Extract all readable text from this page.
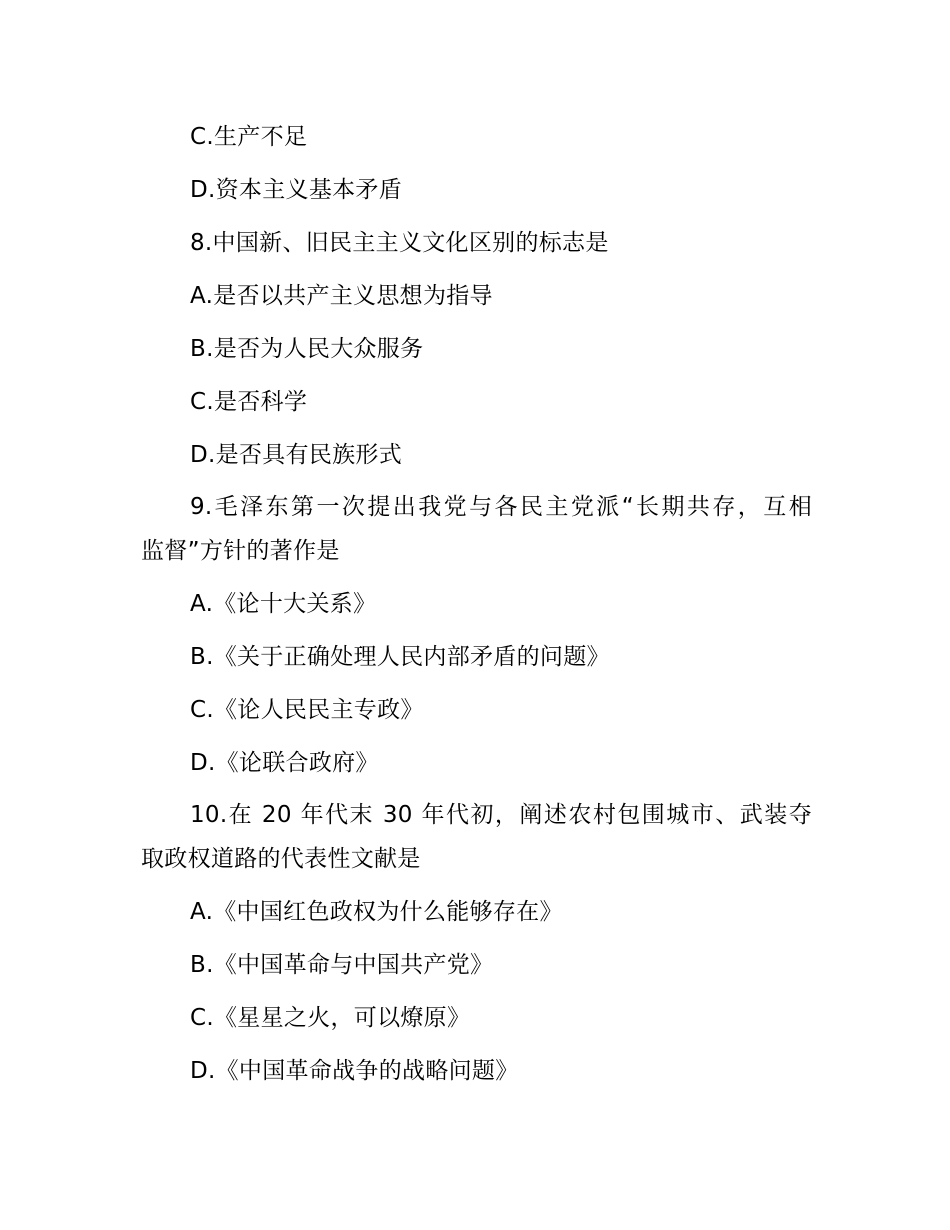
C.生产不足
D.资本主义基本矛盾
8.中国新、旧民主主义文化区别的标志是
A.是否以共产主义思想为指导
B.是否为人民大众服务
C.是否科学
D.是否具有民族形式
9.毛泽东第一次提出我党与各民主党派“长期共存，互相
监督”方针的著作是
A.《论十大关系》
B.《关于正确处理人民内部矛盾的问题》
C.《论人民民主专政》
D.《论联合政府》
10.在 20 年代末 30 年代初，阐述农村包围城市、武装夺
取政权道路的代表性文献是
A.《中国红色政权为什么能够存在》
B.《中国革命与中国共产党》
C.《星星之火，可以燎原》
D.《中国革命战争的战略问题》
